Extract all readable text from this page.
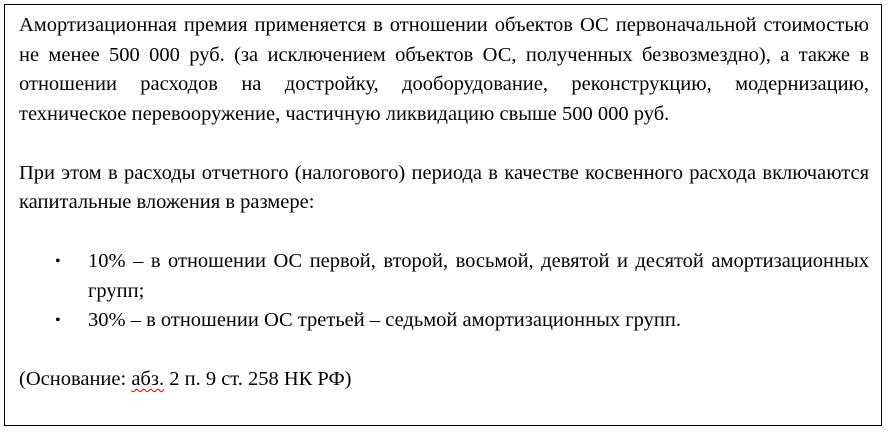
Амортизационная премия применяется в отношении объектов ОС первоначальной стоимостью не менее 500 000 руб. (за исключением объектов ОС, полученных безвозмездно), а также в отношении расходов на достройку, дооборудование, реконструкцию, модернизацию, техническое перевооружение, частичную ликвидацию свыше 500 000 руб.

При этом в расходы отчетного (налогового) периода в качестве косвенного расхода включаются капитальные вложения в размере:

• 10% – в отношении ОС первой, второй, восьмой, девятой и десятой амортизационных групп;
• 30% – в отношении ОС третьей – седьмой амортизационных групп.

(Основание: абз. 2 п. 9 ст. 258 НК РФ)
